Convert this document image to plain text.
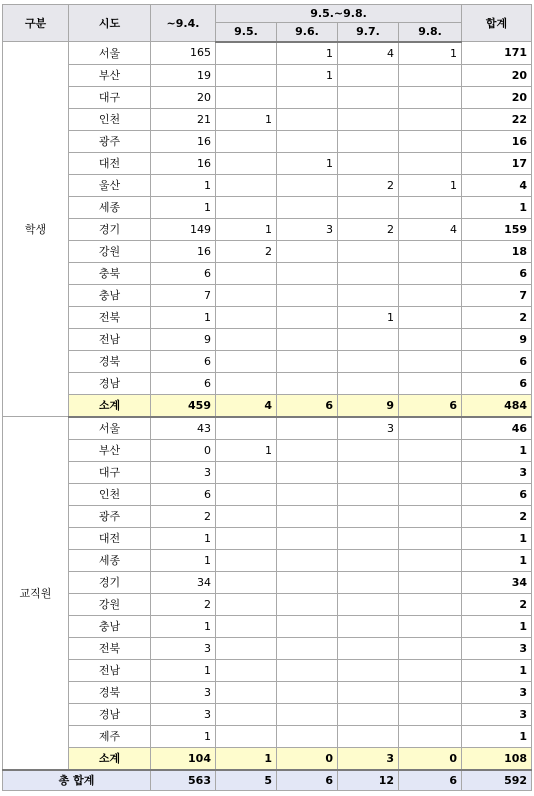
구분	시도	~9.4.	9.5.~9.8.				합계
			9.5.	9.6.	9.7.	9.8.	
학생	서울	165		1	4	1	171
	부산	19		1			20
	대구	20					20
	인천	21	1				22
	광주	16					16
	대전	16		1			17
	울산	1			2	1	4
	세종	1					1
	경기	149	1	3	2	4	159
	강원	16	2				18
	충북	6					6
	충남	7					7
	전북	1			1		2
	전남	9					9
	경북	6					6
	경남	6					6
	소계	459	4	6	9	6	484
교직원	서울	43			3		46
	부산	0	1				1
	대구	3					3
	인천	6					6
	광주	2					2
	대전	1					1
	세종	1					1
	경기	34					34
	강원	2					2
	충남	1					1
	전북	3					3
	전남	1					1
	경북	3					3
	경남	3					3
	제주	1					1
	소계	104	1	0	3	0	108
총 합계		563	5	6	12	6	592
